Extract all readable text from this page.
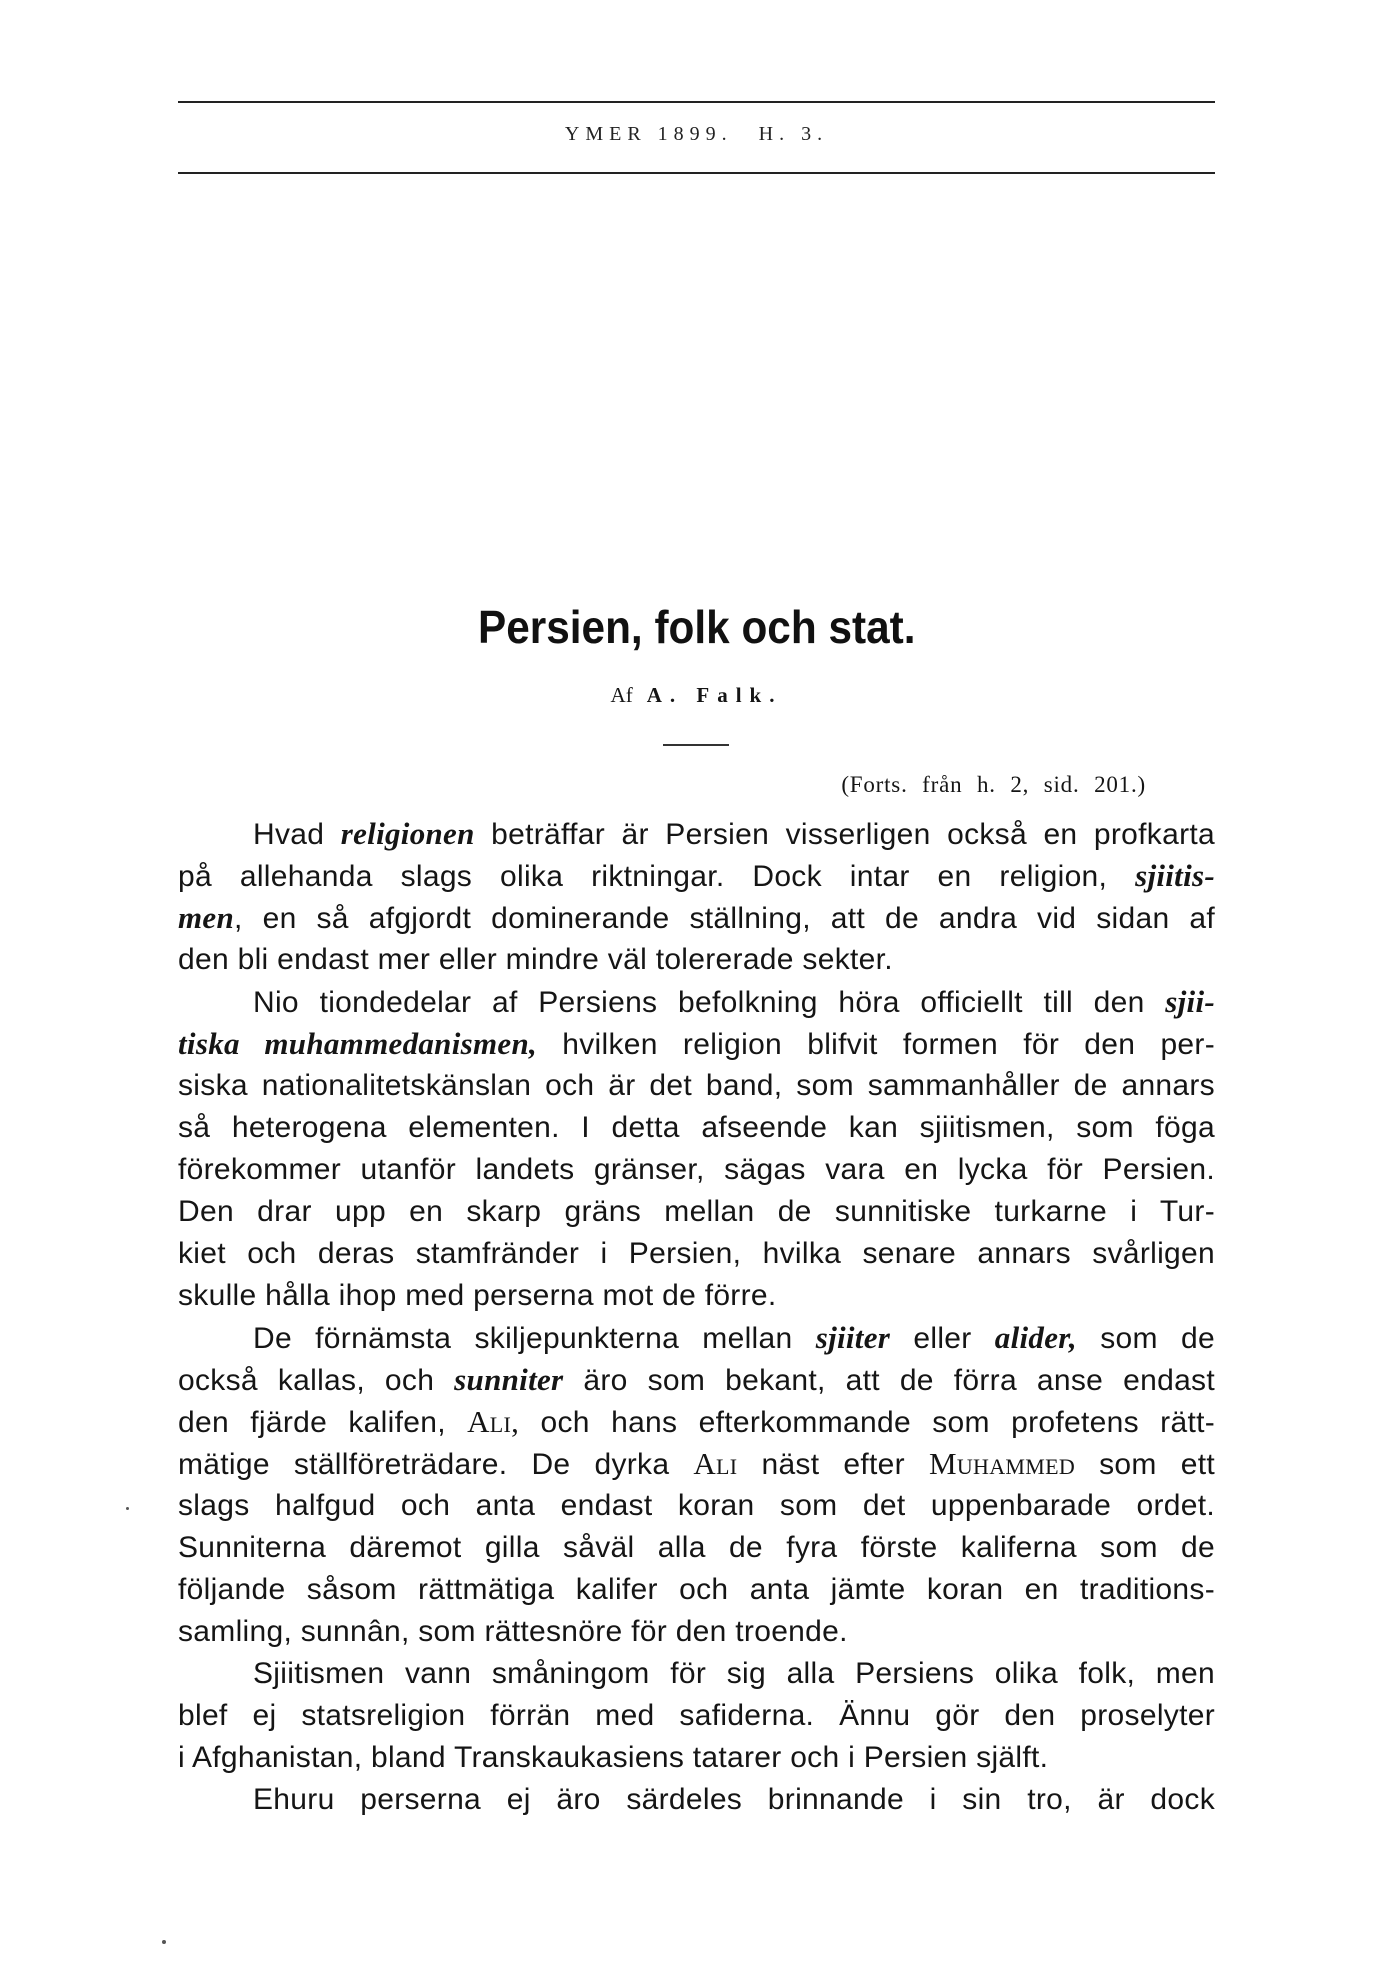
YMER 1899. H. 3.
Persien, folk och stat.
Af A. Falk.
(Forts. från h. 2, sid. 201.)
Hvad religionen beträffar är Persien visserligen också en profkarta
på allehanda slags olika riktningar. Dock intar en religion, sjiitis-
men, en så afgjordt dominerande ställning, att de andra vid sidan af
den bli endast mer eller mindre väl tolererade sekter.
Nio tiondedelar af Persiens befolkning höra officiellt till den sjii-
tiska muhammedanismen, hvilken religion blifvit formen för den per-
siska nationalitetskänslan och är det band, som sammanhåller de annars
så heterogena elementen. I detta afseende kan sjiitismen, som föga
förekommer utanför landets gränser, sägas vara en lycka för Persien.
Den drar upp en skarp gräns mellan de sunnitiske turkarne i Tur-
kiet och deras stamfränder i Persien, hvilka senare annars svårligen
skulle hålla ihop med perserna mot de förre.
De förnämsta skiljepunkterna mellan sjiiter eller alider, som de
också kallas, och sunniter äro som bekant, att de förra anse endast
den fjärde kalifen, Ali, och hans efterkommande som profetens rätt-
mätige ställföreträdare. De dyrka Ali näst efter Muhammed som ett
slags halfgud och anta endast koran som det uppenbarade ordet.
Sunniterna däremot gilla såväl alla de fyra förste kaliferna som de
följande såsom rättmätiga kalifer och anta jämte koran en traditions-
samling, sunnân, som rättesnöre för den troende.
Sjiitismen vann småningom för sig alla Persiens olika folk, men
blef ej statsreligion förrän med safiderna. Ännu gör den proselyter
i Afghanistan, bland Transkaukasiens tatarer och i Persien själft.
Ehuru perserna ej äro särdeles brinnande i sin tro, är dock
